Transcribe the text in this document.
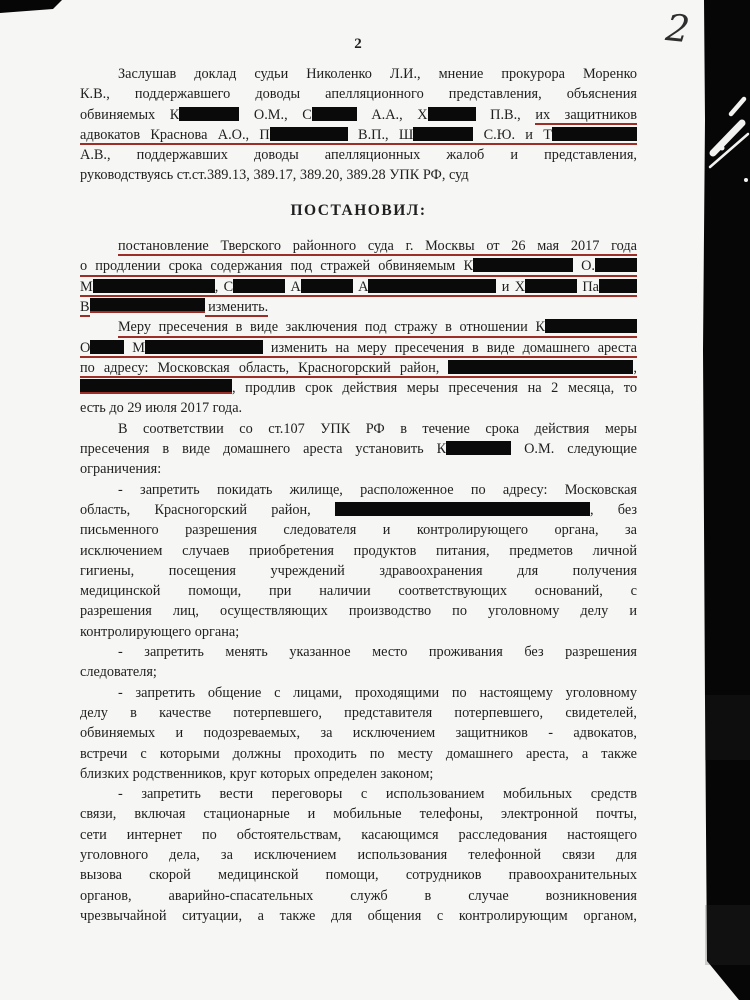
2	2
Заслушав доклад судьи Николенко Л.И., мнение прокурора Моренко
К.В., поддержавшего доводы апелляционного представления, объяснения
обвиняемых К	О.М., С	А.А., Х	П.В., их защитников
адвокатов Краснова А.О., П	В.П., Ш	С.Ю. и Т
А.В., поддержавших доводы апелляционных жалоб и представления,
руководствуясь ст.ст.389.13, 389.17, 389.20, 389.28 УПК РФ, суд
ПОСТАНОВИЛ:
постановление Тверского районного суда г. Москвы от 26 мая 2017 года
о продлении срока содержания под стражей обвиняемым К	О.
М	, С	А	А	и Х	Па
В	изменить.
Меру пресечения в виде заключения под стражу в отношении К
О М	изменить на меру пресечения в виде домашнего ареста
по адресу: Московская область, Красногорский район,	,
, продлив срок действия меры пресечения на 2 месяца, то
есть до 29 июля 2017 года.
В соответствии со ст.107 УПК РФ в течение срока действия меры
пресечения в виде домашнего ареста установить К	О.М. следующие
ограничения:
- запретить покидать жилище, расположенное по адресу: Московская
область, Красногорский район,	, без
письменного разрешения следователя и контролирующего органа, за
исключением случаев приобретения продуктов питания, предметов личной
гигиены, посещения учреждений здравоохранения для получения
медицинской помощи, при наличии соответствующих оснований, с
разрешения лиц, осуществляющих производство по уголовному делу и
контролирующего органа;
- запретить менять указанное место проживания без разрешения
следователя;
- запретить общение с лицами, проходящими по настоящему уголовному
делу в качестве потерпевшего, представителя потерпевшего, свидетелей,
обвиняемых и подозреваемых, за исключением защитников - адвокатов,
встречи с которыми должны проходить по месту домашнего ареста, а также
близких родственников, круг которых определен законом;
- запретить вести переговоры с использованием мобильных средств
связи, включая стационарные и мобильные телефоны, электронной почты,
сети интернет по обстоятельствам, касающимся расследования настоящего
уголовного дела, за исключением использования телефонной связи для
вызова скорой медицинской помощи, сотрудников правоохранительных
органов, аварийно-спасательных служб в случае возникновения
чрезвычайной ситуации, а также для общения с контролирующим органом,
